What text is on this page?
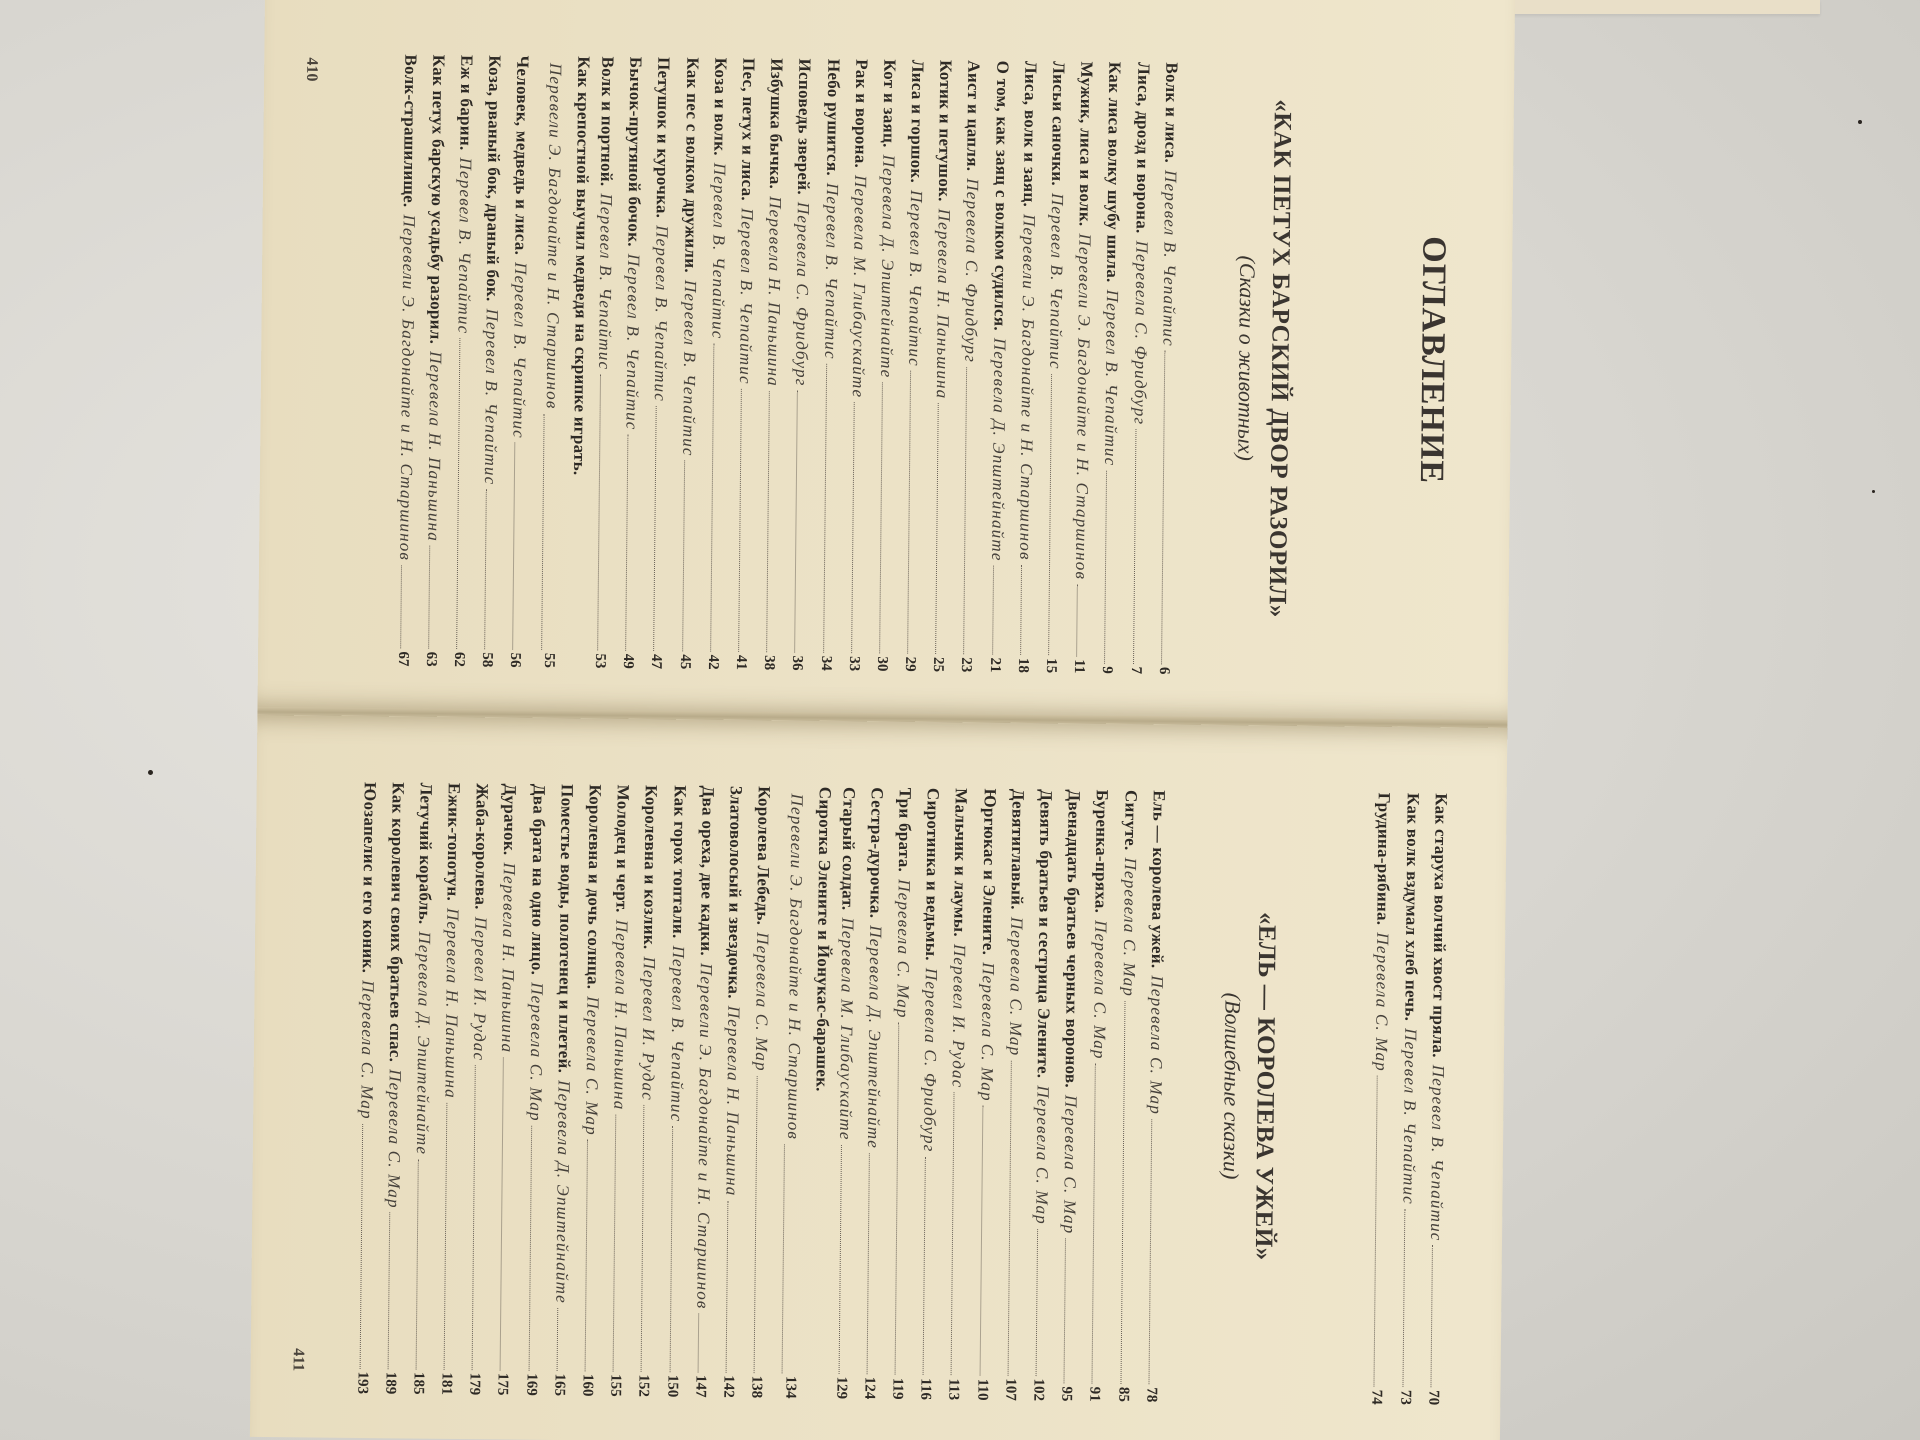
ОГЛАВЛЕНИЕ
«КАК ПЕТУХ БАРСКИЙ ДВОР РАЗОРИЛ»
(Сказки о животных)
Волк и лиса.
Перевел В. Чепайтис
6
Лиса, дрозд и ворона.
Перевела С. Фридбург
7
Как лиса волку шубу шила.
Перевел В. Чепайтис
9
Мужик, лиса и волк.
Перевели Э. Багдонайте и Н. Старшинов
11
Лисьи саночки.
Перевел В. Чепайтис
15
Лиса, волк и заяц.
Перевели Э. Багдонайте и Н. Старшинов
18
О том, как заяц с волком судился.
Перевела Д. Эпштейнайте
21
Аист и цапля.
Перевела С. Фридбург
23
Котик и петушок.
Перевела Н. Паньшина
25
Лиса и горшок.
Перевел В. Чепайтис
29
Кот и заяц.
Перевела Д. Эпштейнайте
30
Рак и ворона.
Перевела М. Глибаускайте
33
Небо рушится.
Перевел В. Чепайтис
34
Исповедь зверей.
Перевела С. Фридбург
36
Избушка бычка.
Перевела Н. Паньшина
38
Пес, петух и лиса.
Перевел В. Чепайтис
41
Коза и волк.
Перевел В. Чепайтис
42
Как пес с волком дружили.
Перевел В. Чепайтис
45
Петушок и курочка.
Перевел В. Чепайтис
47
Бычок-прутяной бочок.
Перевел В. Чепайтис
49
Волк и портной.
Перевел В. Чепайтис
53
Как крепостной выучил медведя на скрипке играть.
Перевели Э. Багдонайте и Н. Старшинов
55
Человек, медведь и лиса.
Перевел В. Чепайтис
56
Коза, рваный бок, драный бок.
Перевел В. Чепайтис
58
Еж и барин.
Перевел В. Чепайтис
62
Как петух барскую усадьбу разорил.
Перевела Н. Паньшина
63
Волк-страшилище.
Перевели Э. Багдонайте и Н. Старшинов
67
410
Как старуха волчий хвост пряла.
Перевел В. Чепайтис
70
Как волк вздумал хлеб печь.
Перевел В. Чепайтис
73
Грудина-рябина.
Перевела С. Мар
74
«ЕЛЬ — КОРОЛЕВА УЖЕЙ»
(Волшебные сказки)
Ель — королева ужей.
Перевела С. Мар
78
Сигуте.
Перевела С. Мар
85
Буренка-пряха.
Перевела С. Мар
91
Двенадцать братьев черных воронов.
Перевела С. Мар
95
Девять братьев и сестрица Элените.
Перевела С. Мар
102
Девятиглавый.
Перевела С. Мар
107
Юргюкас и Элените.
Перевела С. Мар
110
Мальчик и лаумы.
Перевел И. Рудас
113
Сиротинка и ведьмы.
Перевела С. Фридбург
116
Три брата.
Перевела С. Мар
119
Сестра-дурочка.
Перевела Д. Эпштейнайте
124
Старый солдат.
Перевела М. Глибаускайте
129
Сиротка Элените и Йонукас-барашек.
Перевели Э. Багдонайте и Н. Старшинов
134
Королева Лебедь.
Перевела С. Мар
138
Златоволосый и звездочка.
Перевела Н. Паньшина
142
Два ореха, две кадки.
Перевели Э. Багдонайте и Н. Старшинов
147
Как горох топтали.
Перевел В. Чепайтис
150
Королевна и козлик.
Перевел И. Рудас
152
Молодец и черт.
Перевела Н. Паньшина
155
Королевна и дочь солнца.
Перевела С. Мар
160
Поместье воды, полотенец и плетей.
Перевела Д. Эпштейнайте
165
Два брата на одно лицо.
Перевела С. Мар
169
Дурачок.
Перевела Н. Паньшина
175
Жаба-королева.
Перевел И. Рудас
179
Ежик-топотун.
Перевела Н. Паньшина
181
Летучий корабль.
Перевела Д. Эпштейнайте
185
Как королевич своих братьев спас.
Перевела С. Мар
189
Юозапелис и его коник.
Перевела С. Мар
193
411
